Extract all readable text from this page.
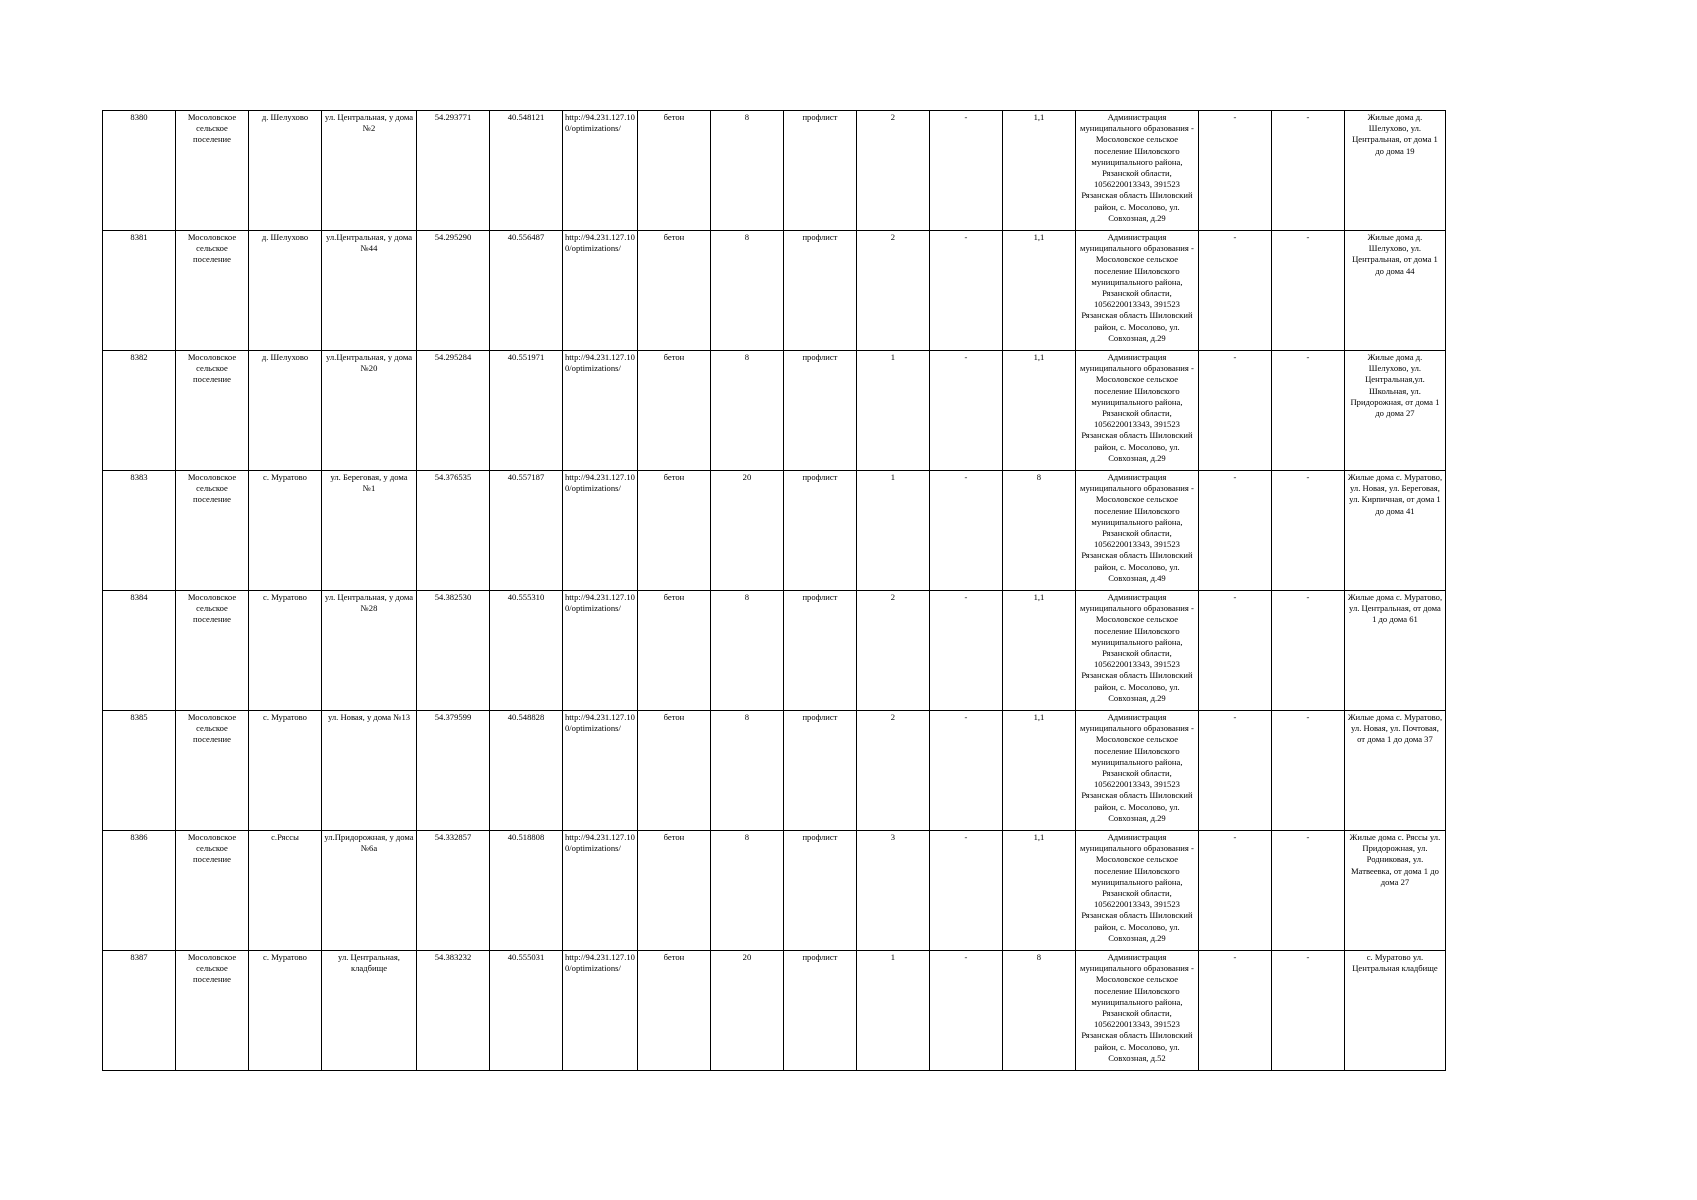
8380	Мосоловское сельское поселение	д. Шелухово	ул. Центральная, у дома №2	54.293771	40.548121	http://94.231.127.10 0/optimizations/	бетон	8	профлист	2	-	1,1	Администрация муниципального образования - Мосоловское сельское поселение Шиловского муниципального района, Рязанской области, 1056220013343, 391523 Рязанская область Шиловский район, с. Мосолово, ул. Совхозная, д.29	-	-	Жилые дома д. Шелухово, ул. Центральная, от дома 1 до дома 19
8381	Мосоловское сельское поселение	д. Шелухово	ул.Центральная, у дома №44	54.295290	40.556487	http://94.231.127.10 0/optimizations/	бетон	8	профлист	2	-	1,1	Администрация муниципального образования - Мосоловское сельское поселение Шиловского муниципального района, Рязанской области, 1056220013343, 391523 Рязанская область Шиловский район, с. Мосолово, ул. Совхозная, д.29	-	-	Жилые дома д. Шелухово, ул. Центральная, от дома 1 до дома 44
8382	Мосоловское сельское поселение	д. Шелухово	ул.Центральная, у дома №20	54.295284	40.551971	http://94.231.127.10 0/optimizations/	бетон	8	профлист	1	-	1,1	Администрация муниципального образования - Мосоловское сельское поселение Шиловского муниципального района, Рязанской области, 1056220013343, 391523 Рязанская область Шиловский район, с. Мосолово, ул. Совхозная, д.29	-	-	Жилые дома д. Шелухово, ул. Центральная,ул. Школьная, ул. Придорожная, от дома 1 до дома 27
8383	Мосоловское сельское поселение	с. Муратово	ул. Береговая, у дома №1	54.376535	40.557187	http://94.231.127.10 0/optimizations/	бетон	20	профлист	1	-	8	Администрация муниципального образования - Мосоловское сельское поселение Шиловского муниципального района, Рязанской области, 1056220013343, 391523 Рязанская область Шиловский район, с. Мосолово, ул. Совхозная, д.49	-	-	Жилые дома с. Муратово, ул. Новая, ул. Береговая, ул. Кирпичная, от дома 1 до дома 41
8384	Мосоловское сельское поселение	с. Муратово	ул. Центральная, у дома №28	54.382530	40.555310	http://94.231.127.10 0/optimizations/	бетон	8	профлист	2	-	1,1	Администрация муниципального образования - Мосоловское сельское поселение Шиловского муниципального района, Рязанской области, 1056220013343, 391523 Рязанская область Шиловский район, с. Мосолово, ул. Совхозная, д.29	-	-	Жилые дома с. Муратово, ул. Центральная, от дома 1 до дома 61
8385	Мосоловское сельское поселение	с. Муратово	ул. Новая, у дома №13	54.379599	40.548828	http://94.231.127.10 0/optimizations/	бетон	8	профлист	2	-	1,1	Администрация муниципального образования - Мосоловское сельское поселение Шиловского муниципального района, Рязанской области, 1056220013343, 391523 Рязанская область Шиловский район, с. Мосолово, ул. Совхозная, д.29	-	-	Жилые дома с. Муратово, ул. Новая, ул. Почтовая, от дома 1 до дома 37
8386	Мосоловское сельское поселение	с.Ряссы	ул.Придорожная, у дома №6а	54.332857	40.518808	http://94.231.127.10 0/optimizations/	бетон	8	профлист	3	-	1,1	Администрация муниципального образования - Мосоловское сельское поселение Шиловского муниципального района, Рязанской области, 1056220013343, 391523 Рязанская область Шиловский район, с. Мосолово, ул. Совхозная, д.29	-	-	Жилые дома с. Ряссы ул. Придорожная, ул. Родниковая, ул. Матвеевка, от дома 1 до дома 27
8387	Мосоловское сельское поселение	с. Муратово	ул. Центральная, кладбище	54.383232	40.555031	http://94.231.127.10 0/optimizations/	бетон	20	профлист	1	-	8	Администрация муниципального образования - Мосоловское сельское поселение Шиловского муниципального района, Рязанской области, 1056220013343, 391523 Рязанская область Шиловский район, с. Мосолово, ул. Совхозная, д.52	-	-	с. Муратово ул. Центральная кладбище
